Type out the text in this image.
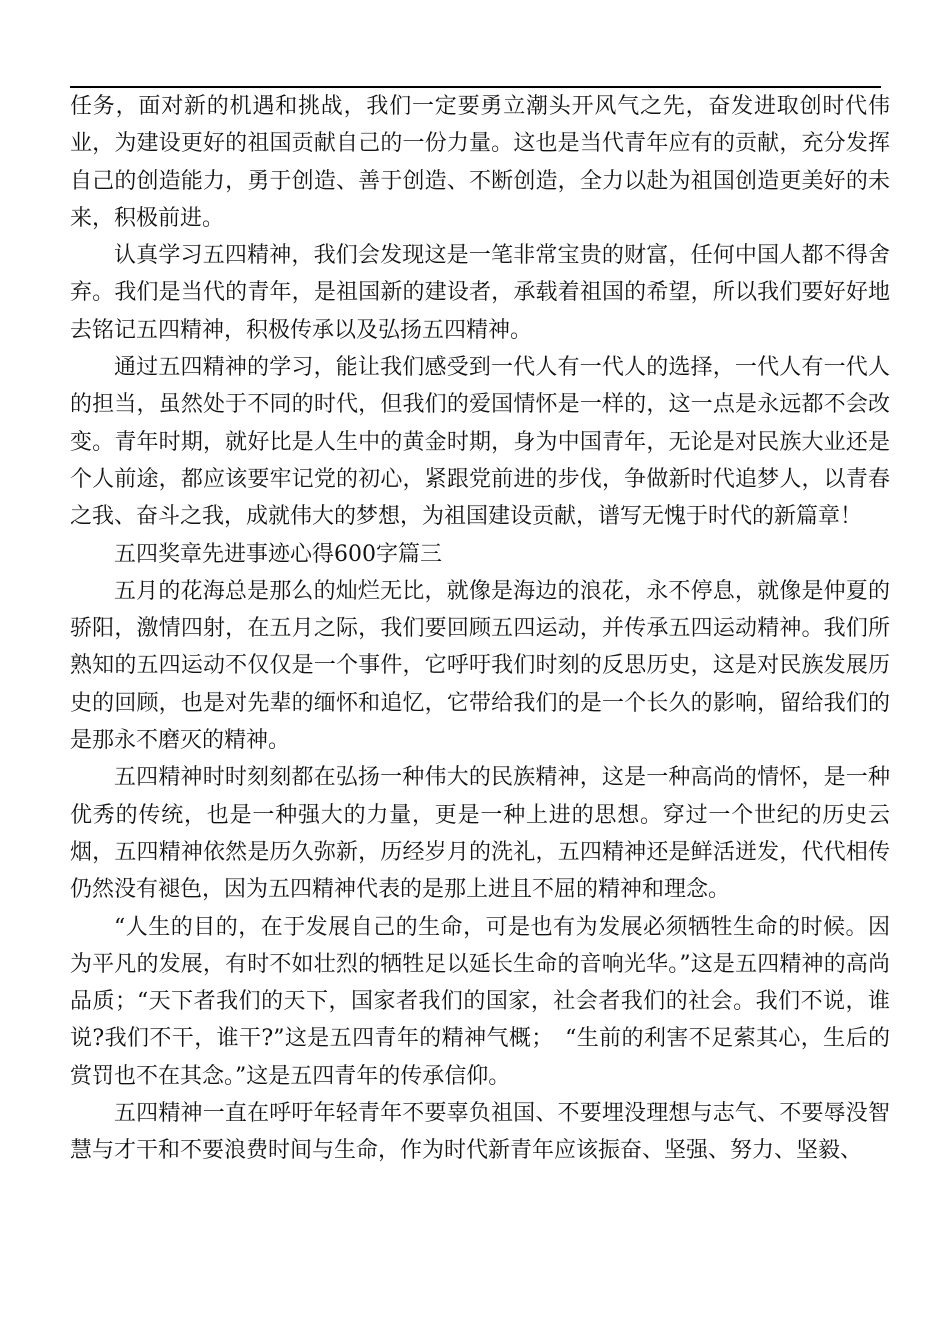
任务，面对新的机遇和挑战，我们一定要勇立潮头开风气之先，奋发进取创时代伟业，为建设更好的祖国贡献自己的一份力量。这也是当代青年应有的贡献，充分发挥自己的创造能力，勇于创造、善于创造、不断创造，全力以赴为祖国创造更美好的未来，积极前进。

认真学习五四精神，我们会发现这是一笔非常宝贵的财富，任何中国人都不得舍弃。我们是当代的青年，是祖国新的建设者，承载着祖国的希望，所以我们要好好地去铭记五四精神，积极传承以及弘扬五四精神。

通过五四精神的学习，能让我们感受到一代人有一代人的选择，一代人有一代人的担当，虽然处于不同的时代，但我们的爱国情怀是一样的，这一点是永远都不会改变。青年时期，就好比是人生中的黄金时期，身为中国青年，无论是对民族大业还是个人前途，都应该要牢记党的初心，紧跟党前进的步伐，争做新时代追梦人，以青春之我、奋斗之我，成就伟大的梦想，为祖国建设贡献，谱写无愧于时代的新篇章！

五四奖章先进事迹心得600字篇三

五月的花海总是那么的灿烂无比，就像是海边的浪花，永不停息，就像是仲夏的骄阳，激情四射，在五月之际，我们要回顾五四运动，并传承五四运动精神。我们所熟知的五四运动不仅仅是一个事件，它呼吁我们时刻的反思历史，这是对民族发展历史的回顾，也是对先辈的缅怀和追忆，它带给我们的是一个长久的影响，留给我们的是那永不磨灭的精神。

五四精神时时刻刻都在弘扬一种伟大的民族精神，这是一种高尚的情怀，是一种优秀的传统，也是一种强大的力量，更是一种上进的思想。穿过一个世纪的历史云烟，五四精神依然是历久弥新，历经岁月的洗礼，五四精神还是鲜活迸发，代代相传仍然没有褪色，因为五四精神代表的是那上进且不屈的精神和理念。

“人生的目的，在于发展自己的生命，可是也有为发展必须牺牲生命的时候。因为平凡的发展，有时不如壮烈的牺牲足以延长生命的音响光华。”这是五四精神的高尚品质；“天下者我们的天下，国家者我们的国家，社会者我们的社会。我们不说，谁说?我们不干，谁干?”这是五四青年的精神气概；　“生前的利害不足萦其心，生后的赏罚也不在其念。”这是五四青年的传承信仰。

五四精神一直在呼吁年轻青年不要辜负祖国、不要埋没理想与志气、不要辱没智慧与才干和不要浪费时间与生命，作为时代新青年应该振奋、坚强、努力、坚毅、
